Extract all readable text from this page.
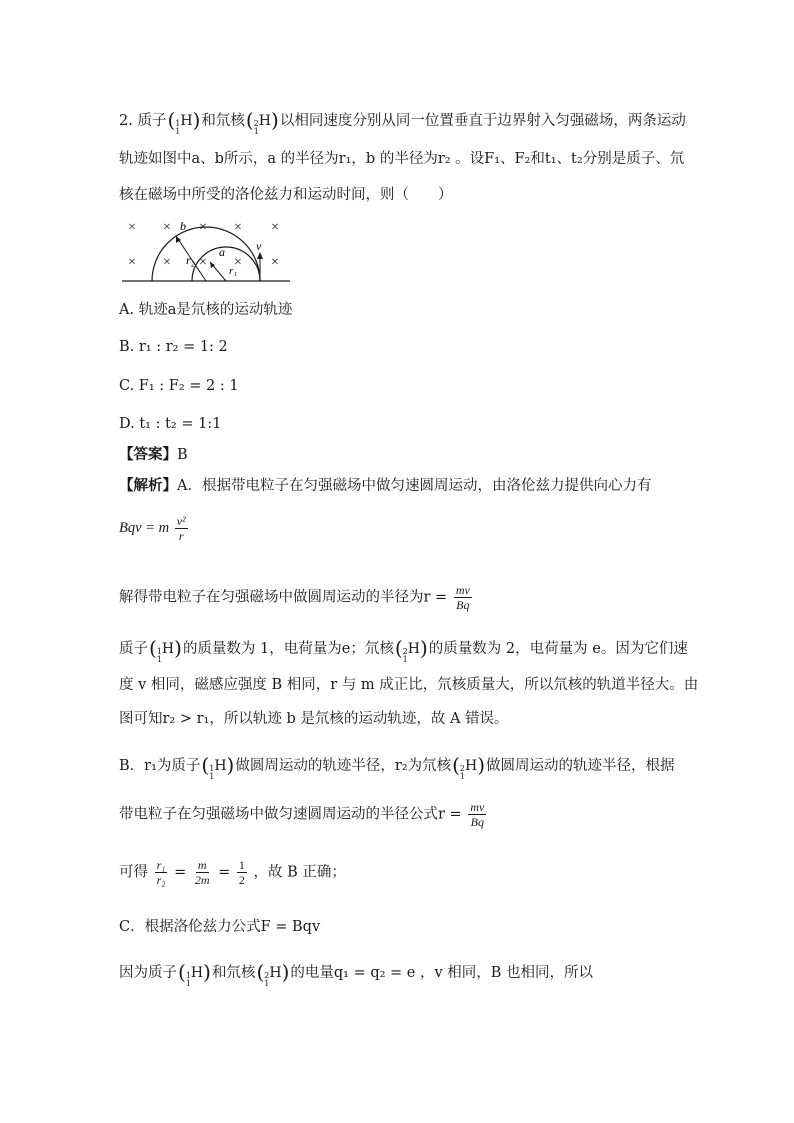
2. 质子( 1
1
H)和氘核( 2
1
H)以相同速度分别从同一位置垂直于边界射入匀强磁场，两条运动
轨迹如图中a、b所示，a 的半径为r₁，b 的半径为r₂ 。设F₁、F₂和t₁、t₂分别是质子、氘
核在磁场中所受的洛伦兹力和运动时间，则（　　）
× × × × ×
× × × × ×
b
a
r₂
r₁
v
A. 轨迹a是氘核的运动轨迹
B. r₁ : r₂ = 1: 2
C. F₁ : F₂ = 2 : 1
D. t₁ : t₂ = 1:1
【答案】B
【解析】A．根据带电粒子在匀强磁场中做匀速圆周运动，由洛伦兹力提供向心力有
Bqv = m $\frac{\text{v²}}{r}$
解得带电粒子在匀强磁场中做圆周运动的半径为$r = \frac{mv}{Bq}$
质子( 1
1
H)的质量数为 1，电荷量为e；氘核( 2
1
H)的质量数为 2，电荷量为 e。因为它们速
度 v 相同，磁感应强度 B 相同，r 与 m 成正比，氘核质量大，所以氘核的轨道半径大。由
图可知r₂ > r₁，所以轨迹 b 是氘核的运动轨迹，故 A 错误。
B．r₁为质子( 1
1
H)做圆周运动的轨迹半径，r₂为氘核( 2
1
H)做圆周运动的轨迹半径，根据
带电粒子在匀强磁场中做匀速圆周运动的半径公式$r = \frac{mv}{Bq}$
可得 $\frac{\text{r₁}}{\text{r₂}} = \frac{m}{2m} = \frac{1}{2}$ ，故 B 正确；
C．根据洛伦兹力公式F = Bqv
因为质子( 1
1
H)和氘核( 2
1
H)的电量q₁ = q₂ = e ，v 相同，B 也相同，所以
